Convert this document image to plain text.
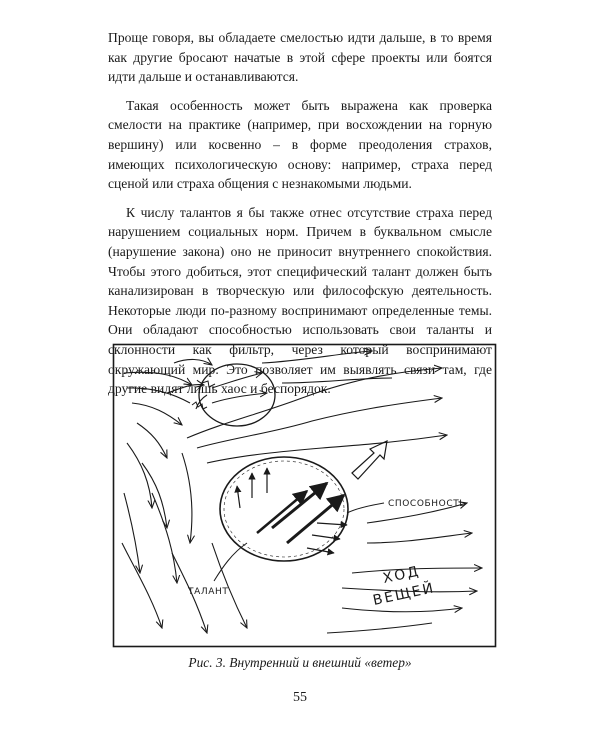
Проще говоря, вы обладаете смелостью идти дальше, в то время как другие бросают начатые в этой сфере проекты или боятся идти дальше и останавливаются.

Такая особенность может быть выражена как проверка смелости на практике (например, при восхождении на горную вершину) или косвенно – в форме преодоления страхов, имеющих психологическую основу: например, страха перед сценой или страха общения с незнакомыми людьми.

К числу талантов я бы также отнес отсутствие страха перед нарушением социальных норм. Причем в буквальном смысле (нарушение закона) оно не приносит внутреннего спокойствия. Чтобы этого добиться, этот специфический талант должен быть канализирован в творческую или философскую деятельность. Некоторые люди по-разному воспринимают определенные темы. Они обладают способностью использовать свои таланты и склонности как фильтр, через который воспринимают окружающий мир. Это позволяет им выявлять связи там, где другие видят лишь хаос и беспорядок.

СПОСОБНОСТЬ
ТАЛАНТ
ХОД
ВЕЩЕЙ
Рис. 3. Внутренний и внешний «ветер»
55
